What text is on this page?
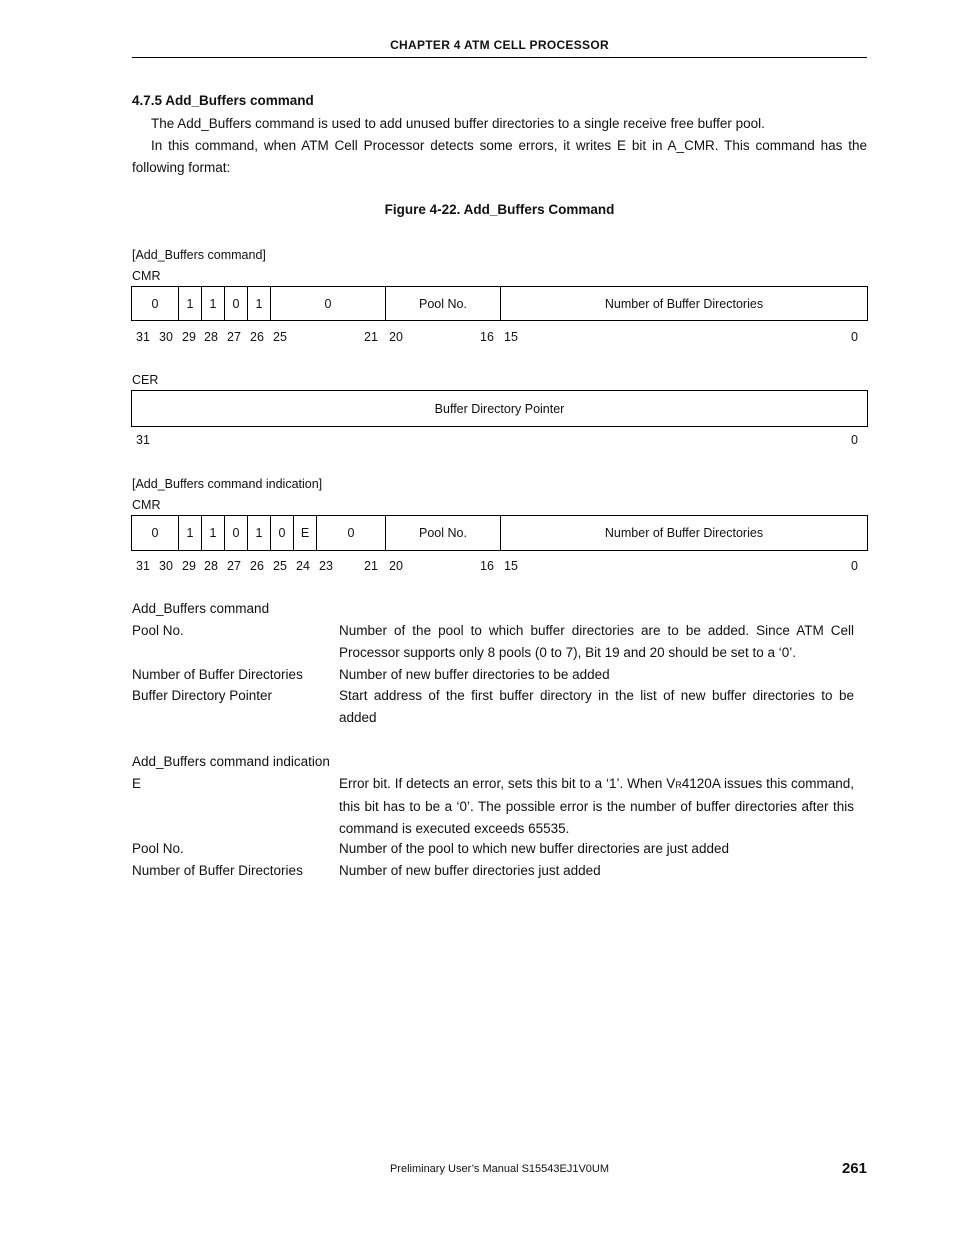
CHAPTER 4 ATM CELL PROCESSOR
4.7.5 Add_Buffers command
The Add_Buffers command is used to add unused buffer directories to a single receive free buffer pool.
In this command, when ATM Cell Processor detects some errors, it writes E bit in A_CMR. This command has the following format:
Figure 4-22. Add_Buffers Command
[Add_Buffers command]
CMR
0	1	1	0	1	0	Pool No.	Number of Buffer Directories
31 30 29 28 27 26 25	21 20	16 15	0
CER
Buffer Directory Pointer
31	0
[Add_Buffers command indication]
CMR
0	1	1	0	1	0	E	0	Pool No.	Number of Buffer Directories
31 30 29 28 27 26 25 24 23 21 20	16 15	0
Add_Buffers command
Pool No.	Number of the pool to which buffer directories are to be added. Since ATM Cell Processor supports only 8 pools (0 to 7), Bit 19 and 20 should be set to a ‘0’.
Number of Buffer Directories	Number of new buffer directories to be added
Buffer Directory Pointer	Start address of the first buffer directory in the list of new buffer directories to be added
Add_Buffers command indication
E	Error bit. If detects an error, sets this bit to a ‘1’. When VR4120A issues this command, this bit has to be a ‘0’. The possible error is the number of buffer directories after this command is executed exceeds 65535.
Pool No.	Number of the pool to which new buffer directories are just added
Number of Buffer Directories	Number of new buffer directories just added
Preliminary User’s Manual S15543EJ1V0UM	261
